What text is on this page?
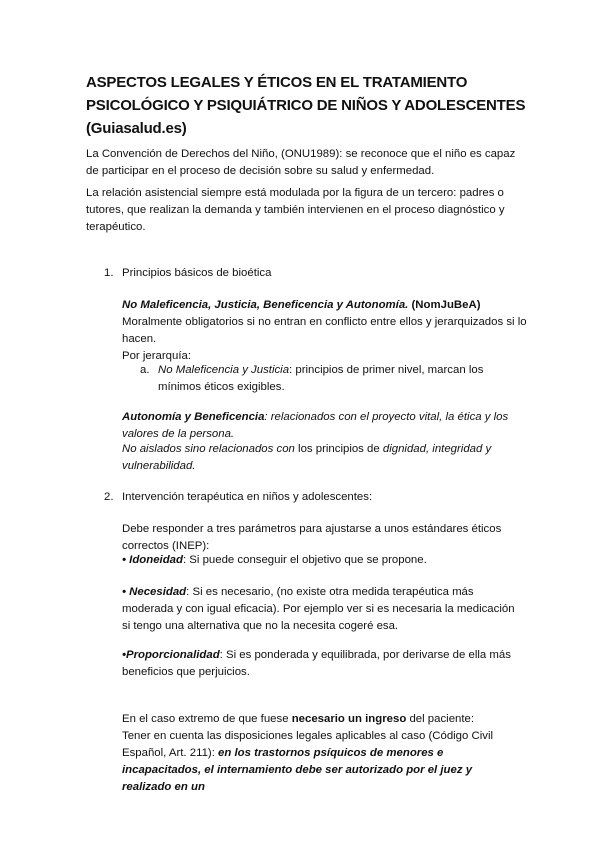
ASPECTOS LEGALES Y ÉTICOS EN EL TRATAMIENTO PSICOLÓGICO Y PSIQUIÁTRICO DE NIÑOS Y ADOLESCENTES (Guiasalud.es)

La Convención de Derechos del Niño, (ONU1989): se reconoce que el niño es capaz de participar en el proceso de decisión sobre su salud y enfermedad.

La relación asistencial siempre está modulada por la figura de un tercero: padres o tutores, que realizan la demanda y también intervienen en el proceso diagnóstico y terapéutico.

1. Principios básicos de bioética

No Maleficencia, Justicia, Beneficencia y Autonomía. (NomJuBeA)

Moralmente obligatorios si no entran en conflicto entre ellos y jerarquizados si lo hacen.

Por jerarquía:

a. No Maleficencia y Justicia: principios de primer nivel, marcan los mínimos éticos exigibles.

Autonomía y Beneficencia: relacionados con el proyecto vital, la ética y los valores de la persona.

No aislados sino relacionados con los principios de dignidad, integridad y vulnerabilidad.

2. Intervención terapéutica en niños y adolescentes:

Debe responder a tres parámetros para ajustarse a unos estándares éticos correctos (INEP):

• Idoneidad: Si puede conseguir el objetivo que se propone.

• Necesidad: Si es necesario, (no existe otra medida terapéutica más moderada y con igual eficacia). Por ejemplo ver si es necesaria la medicación si tengo una alternativa que no la necesita cogeré esa.

•Proporcionalidad: Si es ponderada y equilibrada, por derivarse de ella más beneficios que perjuicios.

En el caso extremo de que fuese necesario un ingreso del paciente:

Tener en cuenta las disposiciones legales aplicables al caso (Código Civil Español, Art. 211): en los trastornos psíquicos de menores e incapacitados, el internamiento debe ser autorizado por el juez y realizado en un
